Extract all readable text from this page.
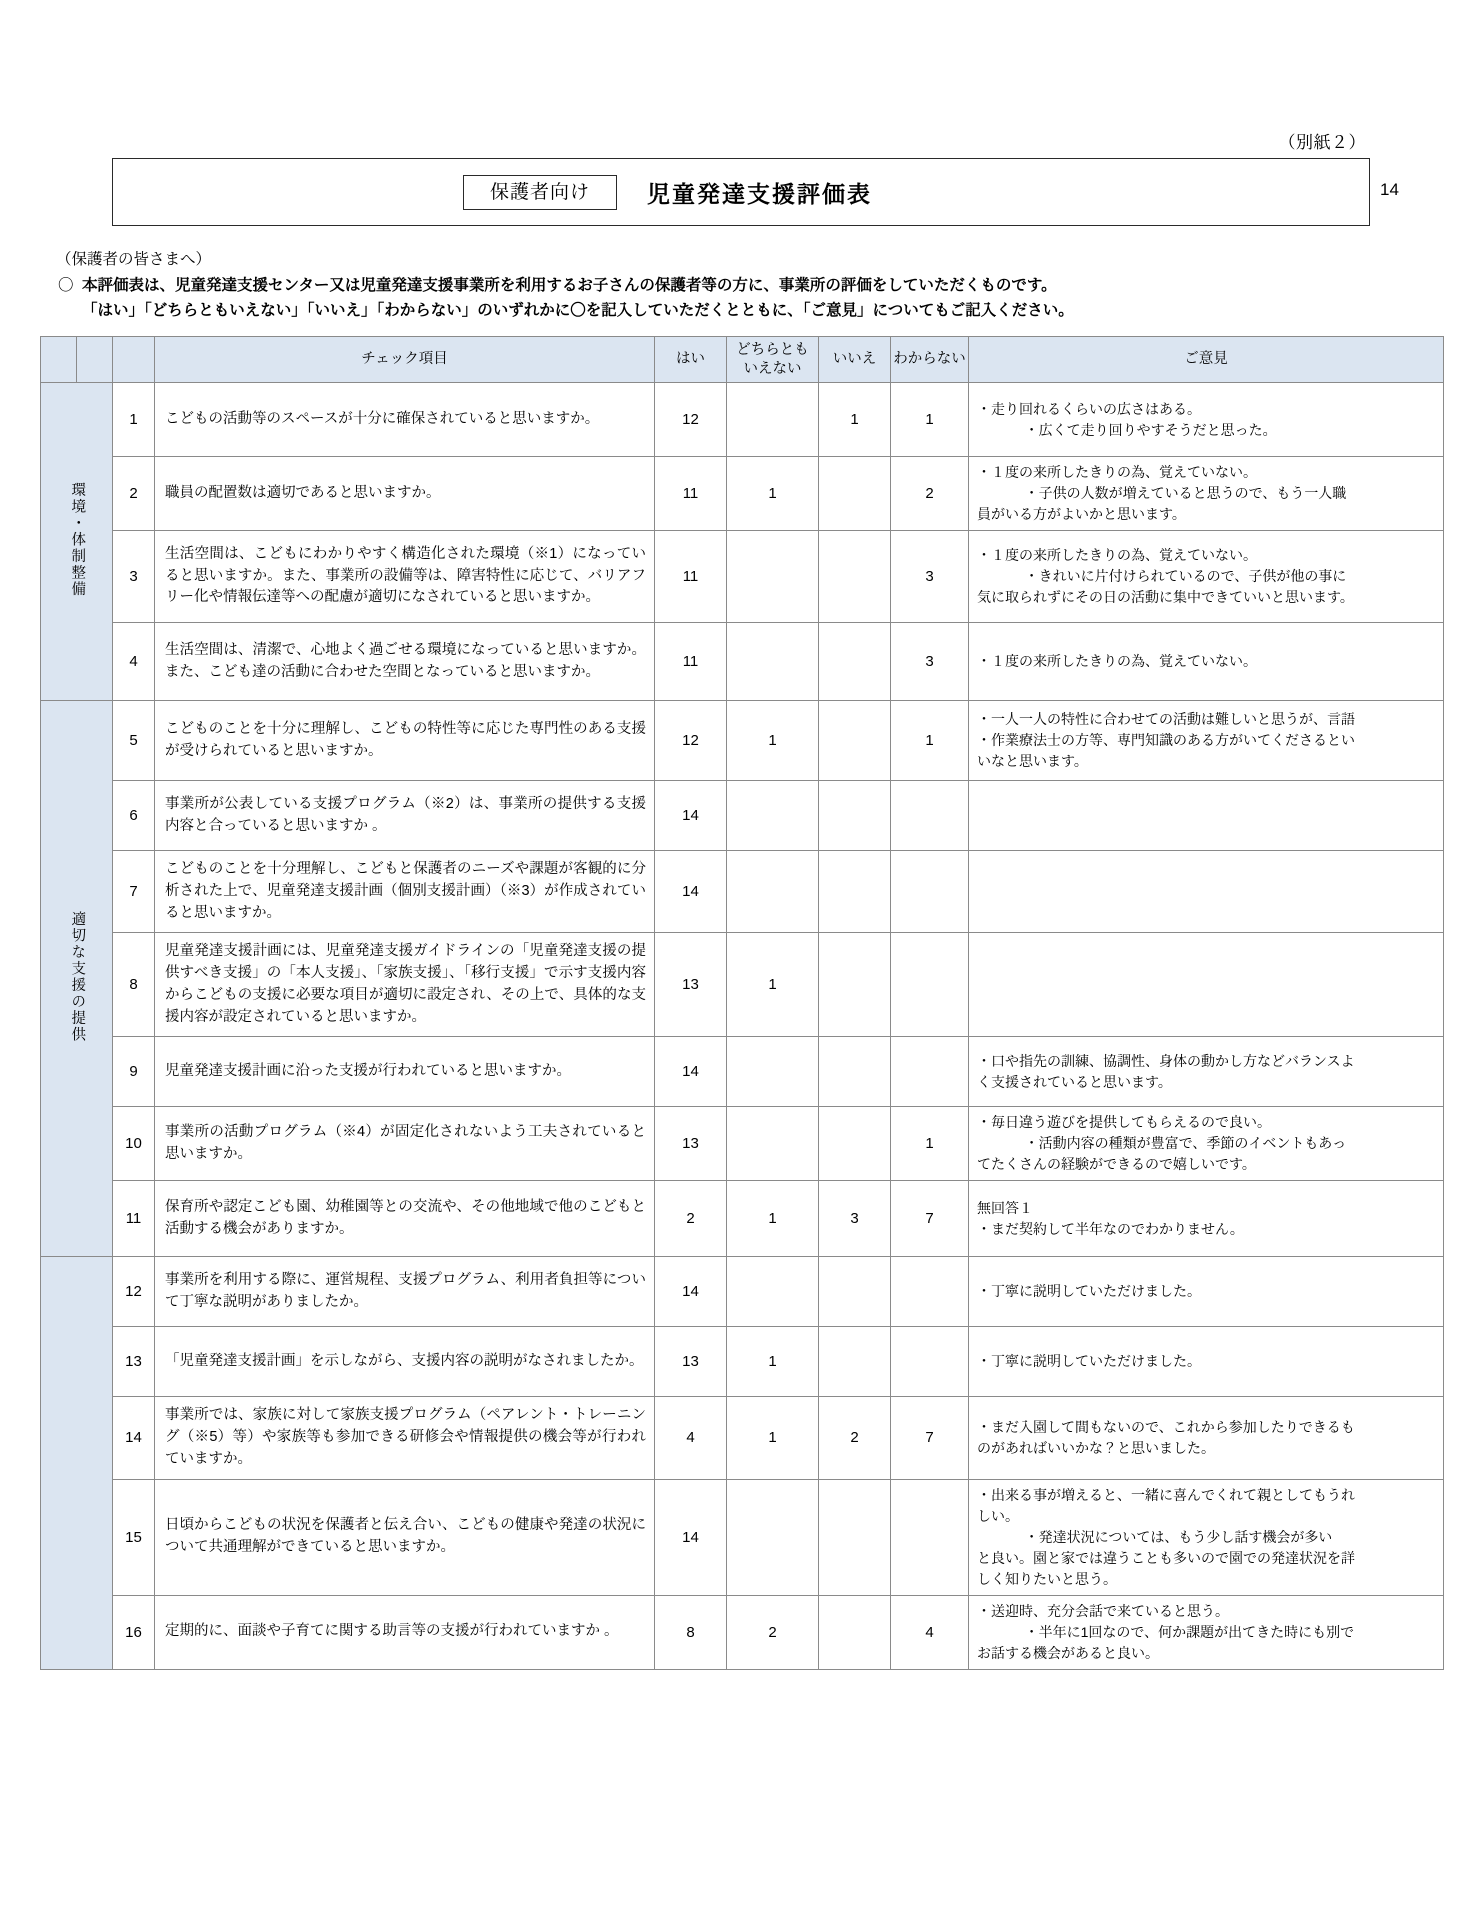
（別紙２）
保護者向け	児童発達支援評価表	14

（保護者の皆さまへ）

〇 本評価表は、児童発達支援センター又は児童発達支援事業所を利用するお子さんの保護者等の方に、事業所の評価をしていただくものです。
「はい」「どちらともいえない」「いいえ」「わからない」のいずれかに〇を記入していただくとともに、「ご意見」についてもご記入ください。
			チェック項目	はい	どちらとも
いえない	いいえ	わからない	ご意見
環境・体制整備		1	こどもの活動等のスペースが十分に確保されていると思いますか。	12		1	1	・走り回れるくらいの広さはある。
・広くて走り回りやすそうだと思った。

		2	職員の配置数は適切であると思いますか。	11	1		2	・１度の来所したきりの為、覚えていない。
・子供の人数が増えていると思うので、もう一人職
員がいる方がよいかと思います。

		3	生活空間は、こどもにわかりやすく構造化された環境（※1）になっていると思いますか。また、事業所の設備等は、障害特性に応じて、バリアフリー化や情報伝達等への配慮が適切になされていると思いますか。	11			3	・１度の来所したきりの為、覚えていない。
・きれいに片付けられているので、子供が他の事に
気に取られずにその日の活動に集中できていいと思います。

		4	生活空間は、清潔で、心地よく過ごせる環境になっていると思いますか。また、こども達の活動に合わせた空間となっていると思いますか。	11			3	・１度の来所したきりの為、覚えていない。

適切な支援の提供		5	こどものことを十分に理解し、こどもの特性等に応じた専門性のある支援が受けられていると思いますか。	12	1		1	・一人一人の特性に合わせての活動は難しいと思うが、言語
・作業療法士の方等、専門知識のある方がいてくださるとい
いなと思います。

		6	事業所が公表している支援プログラム（※2）は、事業所の提供する支援内容と合っていると思いますか 。	14				
		7	こどものことを十分理解し、こどもと保護者のニーズや課題が客観的に分析された上で、児童発達支援計画（個別支援計画）（※3）が作成されていると思いますか。	14				
		8	児童発達支援計画には、児童発達支援ガイドラインの「児童発達支援の提供すべき支援」の「本人支援」、「家族支援」、「移行支援」で示す支援内容からこどもの支援に必要な項目が適切に設定され、その上で、具体的な支援内容が設定されていると思いますか。	13	1			
		9	児童発達支援計画に沿った支援が行われていると思いますか。	14				・口や指先の訓練、協調性、身体の動かし方などバランスよ
く支援されていると思います。

		10	事業所の活動プログラム（※4）が固定化されないよう工夫されていると思いますか。	13			1	・毎日違う遊びを提供してもらえるので良い。
・活動内容の種類が豊富で、季節のイベントもあっ
てたくさんの経験ができるので嬉しいです。

		11	保育所や認定こども園、幼稚園等との交流や、その他地域で他のこどもと活動する機会がありますか。	2	1	3	7	無回答１
・まだ契約して半年なのでわかりません。

		12	事業所を利用する際に、運営規程、支援プログラム、利用者負担等について丁寧な説明がありましたか。	14				・丁寧に説明していただけました。

		13	「児童発達支援計画」を示しながら、支援内容の説明がなされましたか。	13	1			・丁寧に説明していただけました。

		14	事業所では、家族に対して家族支援プログラム（ペアレント・トレーニング（※5）等）や家族等も参加できる研修会や情報提供の機会等が行われていますか。	4	1	2	7	・まだ入園して間もないので、これから参加したりできるも
のがあればいいかな？と思いました。

		15	日頃からこどもの状況を保護者と伝え合い、こどもの健康や発達の状況について共通理解ができていると思いますか。	14				・出来る事が増えると、一緒に喜んでくれて親としてもうれ
しい。
・発達状況については、もう少し話す機会が多い
と良い。園と家では違うことも多いので園での発達状況を詳
しく知りたいと思う。

		16	定期的に、面談や子育てに関する助言等の支援が行われていますか 。	8	2		4	・送迎時、充分会話で来ていると思う。
・半年に1回なので、何か課題が出てきた時にも別で
お話する機会があると良い。
